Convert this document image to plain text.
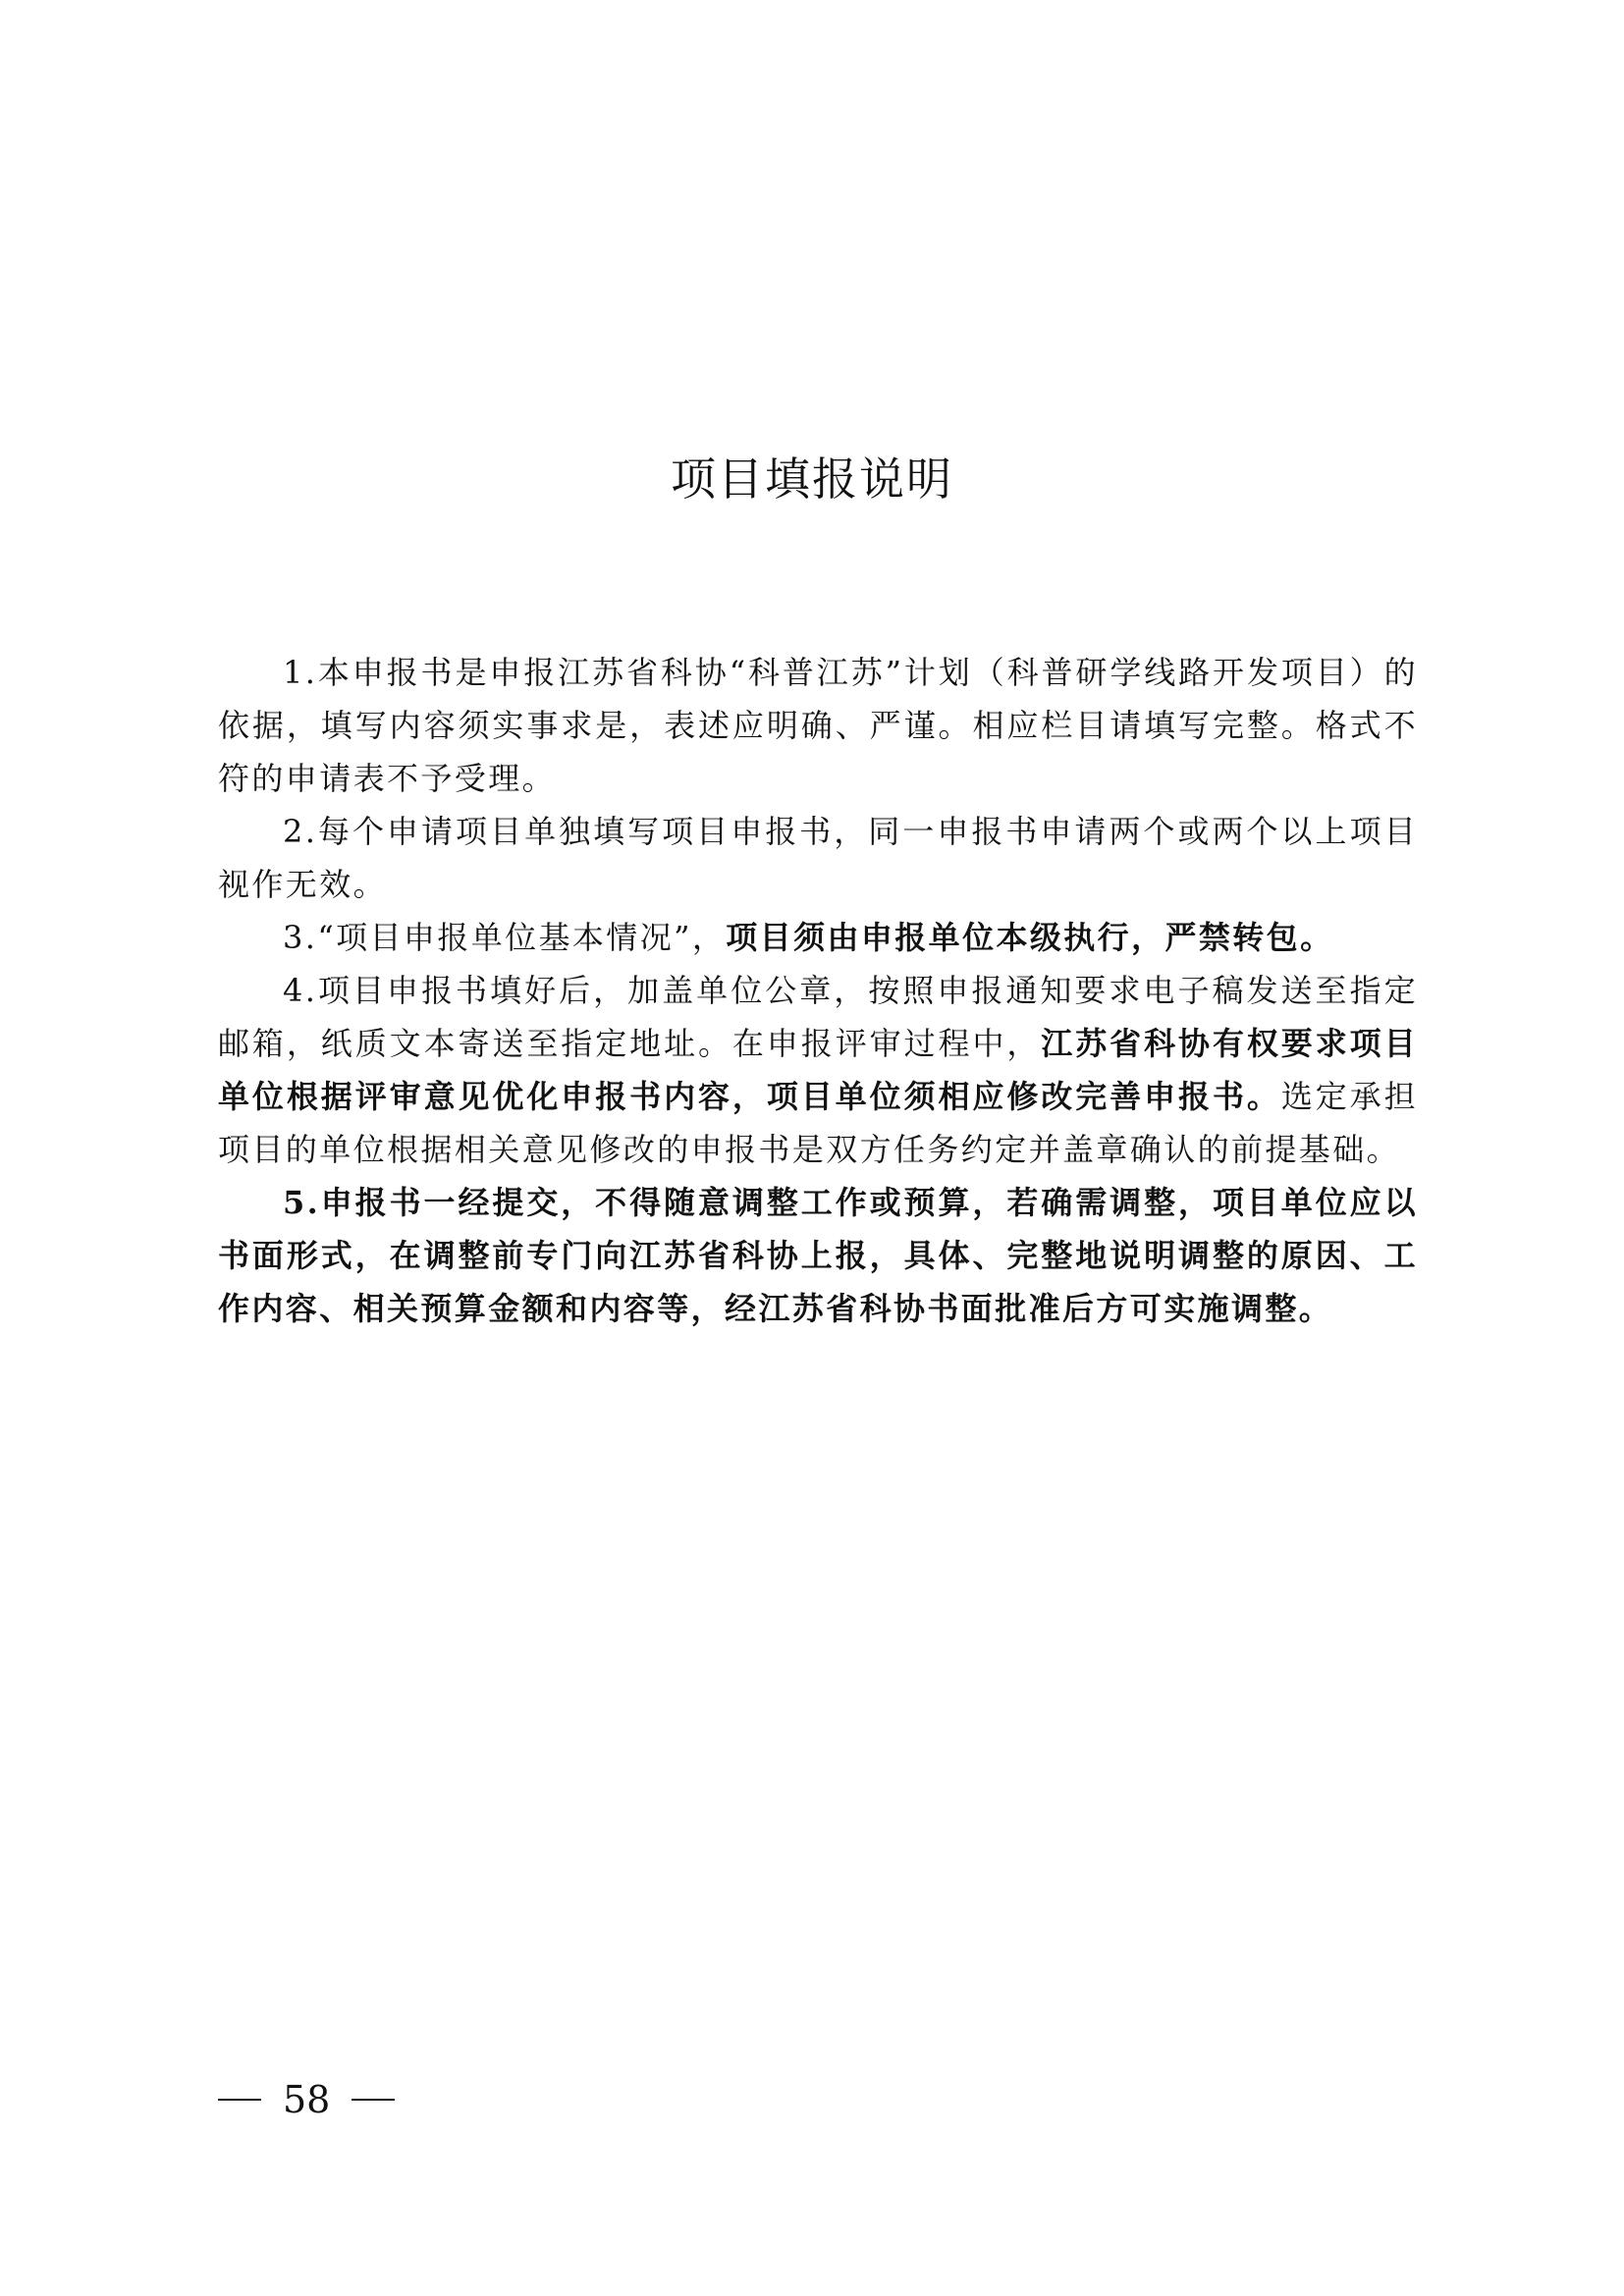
项目填报说明

1.本申报书是申报江苏省科协“科普江苏”计划（科普研学线路开发项目）的依据，填写内容须实事求是，表述应明确、严谨。相应栏目请填写完整。格式不符的申请表不予受理。

2.每个申请项目单独填写项目申报书，同一申报书申请两个或两个以上项目视作无效。

3.“项目申报单位基本情况”，项目须由申报单位本级执行，严禁转包。

4.项目申报书填好后，加盖单位公章，按照申报通知要求电子稿发送至指定邮箱，纸质文本寄送至指定地址。在申报评审过程中，江苏省科协有权要求项目单位根据评审意见优化申报书内容，项目单位须相应修改完善申报书。选定承担项目的单位根据相关意见修改的申报书是双方任务约定并盖章确认的前提基础。

5.申报书一经提交，不得随意调整工作或预算，若确需调整，项目单位应以书面形式，在调整前专门向江苏省科协上报，具体、完整地说明调整的原因、工作内容、相关预算金额和内容等，经江苏省科协书面批准后方可实施调整。

58
